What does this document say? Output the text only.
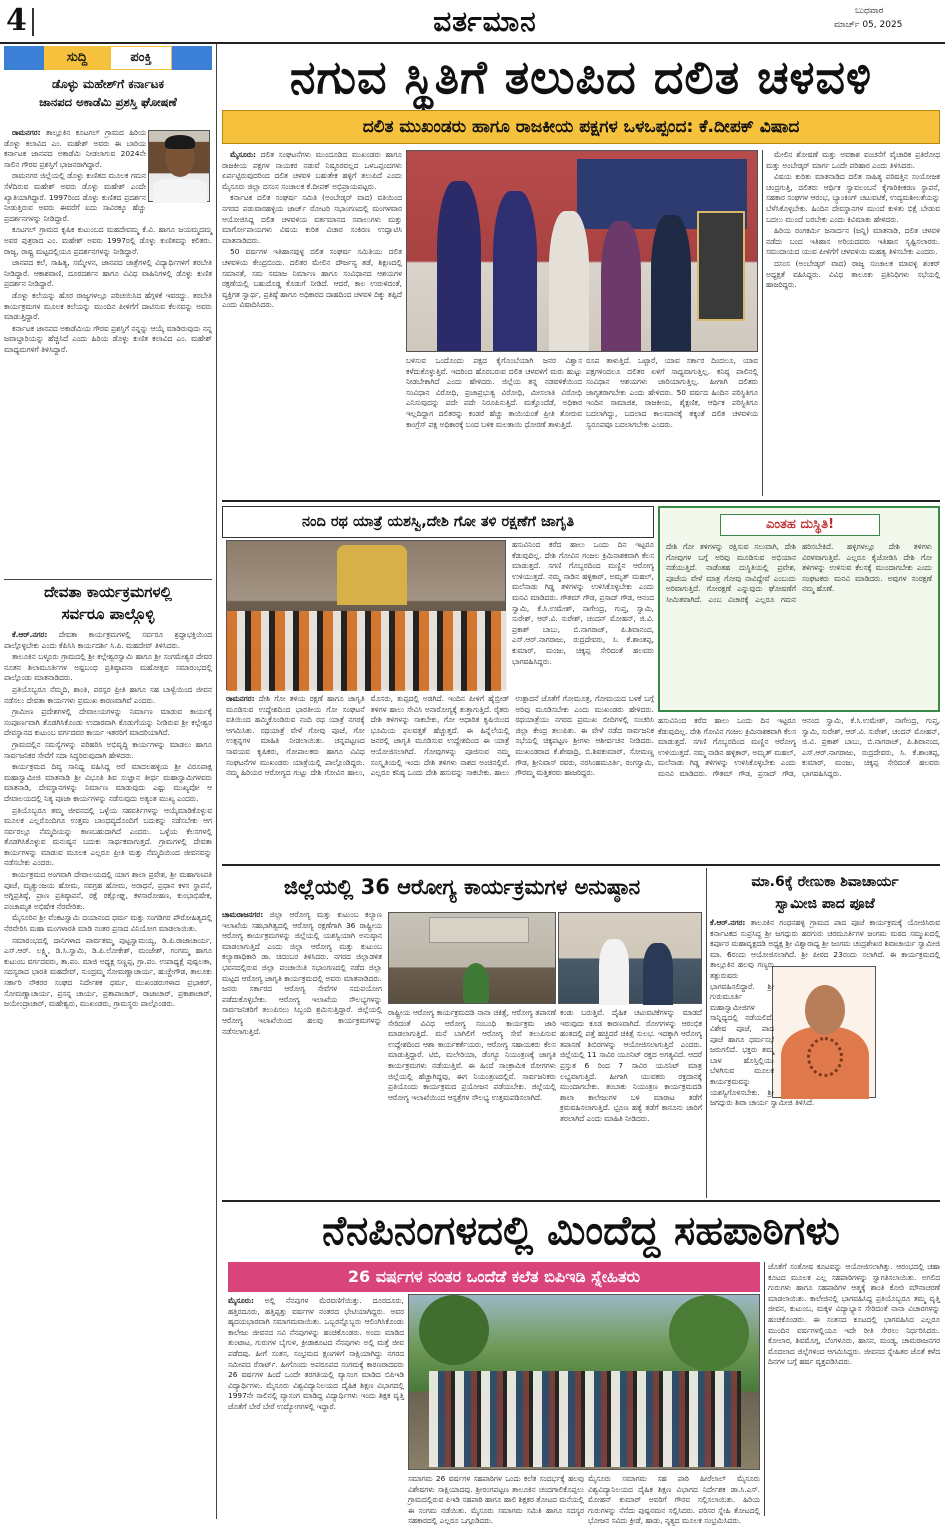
4	ವರ್ತಮಾನ	ಬುಧವಾರ
ಮಾರ್ಚ್ 05, 2025
ಸುದ್ದಿ	ಪಂಕ್ತಿ
ಡೊಳ್ಳು ಮಹೇಶ್‌ಗೆ ಕರ್ನಾಟಕ
ಜಾನಪದ ಅಕಾಡೆಮಿ ಪ್ರಶಸ್ತಿ ಘೋಷಣೆ

ರಾಮನಗರ: ತಾಲ್ಲೂಕಿನ ಕೂಟಗಲ್ ಗ್ರಾಮದ ಹಿರಿಯ ಡೊಳ್ಳು ಕಲಾವಿದ ಎಂ. ಮಹೇಶ್ ಅವರು ಈ ಬಾರಿಯ ಕರ್ನಾಟಕ ಜಾನಪದ ಅಕಾಡೆಮಿ ನೀಡಲಾಗುವ 2024ನೇ ಸಾಲಿನ ಗೌರವ ಪ್ರಶಸ್ತಿಗೆ ಭಾಜನರಾಗಿದ್ದಾರೆ.

ರಾಮನಗರ ಜಿಲ್ಲೆಯಲ್ಲಿ ಡೊಳ್ಳು ಕುಣಿತದ ಮೂಲಕ ಗಮನ ಸೆಳೆದಿರುವ ಮಹೇಶ್ ಅವರು ಡೊಳ್ಳು ಮಹೇಶ್ ಎಂದೇ ಖ್ಯಾತಿಯಾಗಿದ್ದಾರೆ. 1997ರಿಂದ ಡೊಳ್ಳು ಕುಣಿತದ ಪ್ರದರ್ಶನ ನೀಡುತ್ತಿರುವ ಅವರು ಈವರೆಗೆ ಐದು ಸಾವಿರಕ್ಕೂ ಹೆಚ್ಚು ಪ್ರದರ್ಶನಗಳನ್ನು ನೀಡಿದ್ದಾರೆ.

ಕೂಟಗಲ್ ಗ್ರಾಮದ ಕೃಷಿಕ ಕುಟುಂಬದ ಮಹದೇವಮ್ಮ ಕೆ.ವಿ. ಹಾಗೂ ಜಯಮ್ಮದಮ್ಮ ಅವರ ಪುತ್ರರಾದ ಎಂ. ಮಹೇಶ್ ಅವರು 1997ರಲ್ಲಿ ಡೊಳ್ಳು ಕುಣಿತವನ್ನು ಕಲಿತರು. ರಾಜ್ಯ, ರಾಷ್ಟ್ರ ಮಟ್ಟದಲ್ಲಿಯೂ ಪ್ರದರ್ಶನಗಳನ್ನು ನೀಡಿದ್ದಾರೆ.

ಜಾನಪದ ಕಲೆ, ಸಾಹಿತ್ಯ, ಸಮ್ಮೇಳನ, ಜಾನಪದ ಜಾತ್ರೆಗಳಲ್ಲಿ ವಿದ್ಯಾರ್ಥಿಗಳಿಗೆ ತರಬೇತಿ ನೀಡಿದ್ದಾರೆ. ಆಕಾಶವಾಣಿ, ದೂರದರ್ಶನ ಹಾಗೂ ವಿವಿಧ ವಾಹಿನಿಗಳಲ್ಲಿ ಡೊಳ್ಳು ಕುಣಿತ ಪ್ರದರ್ಶನ ನೀಡಿದ್ದಾರೆ.

ಡೊಳ್ಳು ಕಲೆಯನ್ನು ಹೊರ ರಾಜ್ಯಗಳಲ್ಲೂ ಪರಿಚಯಿಸಿದ ಹೆಗ್ಗಳಿಕೆ ಇವರದ್ದು. ತರಬೇತಿ ಕಾರ್ಯಕ್ರಮಗಳ ಮೂಲಕ ಕಲೆಯನ್ನು ಮುಂದಿನ ಪೀಳಿಗೆಗೆ ದಾಟಿಸುವ ಕೆಲಸವನ್ನು ಅವರು ಮಾಡುತ್ತಿದ್ದಾರೆ.

ಕರ್ನಾಟಕ ಜಾನಪದ ಅಕಾಡೆಮಿಯ ಗೌರವ ಪ್ರಶಸ್ತಿಗೆ ನನ್ನನ್ನು ಆಯ್ಕೆ ಮಾಡಿರುವುದು ನನ್ನ ಜವಾಬ್ದಾರಿಯನ್ನು ಹೆಚ್ಚಿಸಿದೆ ಎಂದು ಹಿರಿಯ ಡೊಳ್ಳು ಕುಣಿತ ಕಲಾವಿದ ಎಂ. ಮಹೇಶ್ ಮಾಧ್ಯಮಗಳಿಗೆ ತಿಳಿಸಿದ್ದಾರೆ.

ದೇವತಾ ಕಾರ್ಯಕ್ರಮಗಳಲ್ಲಿ
ಸರ್ವರೂ ಪಾಲ್ಗೊಳ್ಳಿ

ಕೆ.ಆರ್.ನಗರ: ದೇವತಾ ಕಾರ್ಯಕ್ರಮಗಳಲ್ಲಿ ಸರ್ವರೂ ಶ್ರದ್ಧಾಭಕ್ತಿಯಿಂದ ಪಾಲ್ಗೊಳ್ಳಬೇಕು ಎಂದು ಕೆಪಿಸಿಸಿ ಕಾರ್ಯದರ್ಶಿ ಸಿ.ಪಿ. ಮಹದೇವ್ ತಿಳಿಸಿದರು.

ತಾಲೂಕಿನ ಬಳ್ಳೂರು ಗ್ರಾಮದಲ್ಲಿ ಶ್ರೀ ಕಲ್ಲೇಶ್ವರಸ್ವಾಮಿ ಹಾಗೂ ಶ್ರೀ ಸಂಗಮೇಶ್ವರ ದೇವರ ನೂತನ ಶಿಲಾಮೂರ್ತಿಗಳ ಅಷ್ಟಬಂಧ ಪ್ರತಿಷ್ಠಾಪನಾ ಮಹೋತ್ಸವ ಸಮಾರಂಭದಲ್ಲಿ ಪಾಲ್ಗೊಂಡು ಮಾತನಾಡಿದರು.

ಪ್ರತಿಯೊಬ್ಬರೂ ನೆಮ್ಮದಿ, ಶಾಂತಿ, ಪರಸ್ಪರ ಪ್ರೀತಿ ಹಾಗೂ ಸಹ ಬಾಳ್ವೆಯಿಂದ ಜೀವನ ನಡೆಸಲು ದೇವತಾ ಕಾರ್ಯಗಳು ಪ್ರಮುಖ ಕಾರಣವಾಗಿವೆ ಎಂದರು.

ಗ್ರಾಮೀಣ ಪ್ರದೇಶಗಳಲ್ಲಿ ದೇವಾಲಯಗಳನ್ನು ನಿರ್ಮಾಣ ಮಾಡುವ ಕಾರ್ಯಕ್ಕೆ ಸಂಪೂರ್ಣವಾಗಿ ತೊಡಗಿಸಿಕೊಂಡು ಉದಾರವಾಗಿ ಕೊಡುಗೆಯನ್ನು ನೀಡಿರುವ ಶ್ರೀ ಕಲ್ಲೇಶ್ವರ ದೇವಸ್ಥಾನದ ಕುಟುಂಬ ವರ್ಗದವರ ಕಾರ್ಯ ಇತರರಿಗೆ ಮಾದರಿಯಾಗಿದೆ.

ಗ್ರಾಮದಲ್ಲಿನ ಸಮಸ್ಯೆಗಳನ್ನು ಪರಿಹರಿಸಿ ಅಭಿವೃದ್ಧಿ ಕಾರ್ಯಗಳನ್ನು ಮಾಡಲು ಹಾಗೂ ಸಾರ್ವಜನಿಕರ ಸೇವೆಗೆ ಸದಾ ಸಿದ್ಧರಿರುವುದಾಗಿ ಹೇಳಿದರು.

ಕಾರ್ಯಕ್ರಮದ ದಿವ್ಯ ಸಾನಿಧ್ಯ ವಹಿಸಿದ್ದ ಅರೆ ಮಾದಲಹಳ್ಳಿಯ ಶ್ರೀ ವಿರೂಪಾಕ್ಷ ಮಹಾಸ್ವಾಮೀಜಿ ಮಾತನಾಡಿ ಶ್ರೀ ವಿಭೂತಿ ಶಿವ ಸುಜ್ಞಾನ ತೀರ್ಥ ಮಹಾಸ್ವಾಮಿಗಳವರು ಮಾತನಾಡಿ, ದೇವಸ್ಥಾನಗಳನ್ನು ನಿರ್ಮಾಣ ಮಾಡುವುದು ಎಷ್ಟು ಮುಖ್ಯವೋ ಆ ದೇವಾಲಯದಲ್ಲಿ ನಿತ್ಯ ಪೂಜಾ ಕಾರ್ಯಗಳನ್ನು ನಡೆಸುವುದು ಅತ್ಯಂತ ಮುಖ್ಯ ಎಂದರು.

ಪ್ರತಿಯೊಬ್ಬರೂ ತಮ್ಮ ಜೀವನದಲ್ಲಿ ಒಳ್ಳೆಯ ಸಹವರ್ತಿಗಳನ್ನು ಆಯ್ಕೆಮಾಡಿಕೊಳ್ಳುವ ಮೂಲಕ ಎಲ್ಲರೊಂದಿಗೂ ಉತ್ತಮ ಬಾಂಧವ್ಯದೊಂದಿಗೆ ಬದುಕನ್ನು ನಡೆಸಬೇಕು ಆಗ ಸರ್ವರಲ್ಲೂ ನೆಮ್ಮದಿಯನ್ನು ಕಾಣಬಹುದಾಗಿದೆ ಎಂದರು. ಒಳ್ಳೆಯ ಕೆಲಸಗಳಲ್ಲಿ ತೊಡಗಿಸಿಕೊಳ್ಳುವ ಮನುಷ್ಯನ ಬದುಕು ಸಾರ್ಥಕವಾಗುತ್ತದೆ. ಗ್ರಾಮಗಳಲ್ಲಿ ದೇವತಾ ಕಾರ್ಯಗಳನ್ನು ಮಾಡುವ ಮೂಲಕ ಎಲ್ಲರೂ ಪ್ರೀತಿ ಮತ್ತು ನೆಮ್ಮದಿಯಿಂದ ಜೀವನವನ್ನು ನಡೆಸಬೇಕು ಎಂದರು.

ಕಾರ್ಯಕ್ರಮದ ಅಂಗವಾಗಿ ದೇವಾಲಯದಲ್ಲಿ ಯಾಗ ಶಾಲಾ ಪ್ರವೇಶ, ಶ್ರೀ ಮಹಾಗಣಪತಿ ಪೂಜೆ, ಮೃತ್ಯುಂಜಯ ಹೋಮ, ನವಗ್ರಹ ಹೋಮ, ಅರಾಧನೆ, ಪ್ರಧಾನ ಕಳಸ ಸ್ಥಾಪನೆ, ಅಗ್ನಿಪ್ರತಿಷ್ಠೆ, ಪ್ರಾಣ ಪ್ರತಿಷ್ಠಾಪನೆ, ರಕ್ಷೆ ರಕ್ಷೋಘ್ನ, ಕಳಸಾರೋಹಣ, ಕುಂಭಾಭಿಷೇಕ, ಪಂಚಾಮೃತ ಅಭಿಷೇಕ ನೆರವೇರಿತು.

ಮೈಸೂರಿನ ಶ್ರೀ ವೆಂಕಟಸ್ವಾಮಿ ದಯಾನಂದ ಧರ್ಮ ಮತ್ತು ಸಂಗಡಿಗರ ಪೌರೋಹಿತ್ಯದಲ್ಲಿ ನೆರವೇರಿಸಿ ಮಹಾ ಮಂಗಳಾರತಿ ಮಾಡಿ ನಂತರ ಪ್ರಸಾದ ವಿನಿಯೋಗ ಮಾಡಲಾಯಿತು.

ಸಮಾರಂಭದಲ್ಲಿ ದಾನಿಗಳಾದ ಪಾರ್ವತಮ್ಮ ಪುಟ್ಟಸ್ವಾಮಯ್ಯ, ಡಿ.ಪಿ.ರಾಜಾಚಾರ್ಯ, ಎಸ್.ಆರ್. ಲಕ್ಷ್ಮಿ, ಡಿ.ಸಿ.ಸ್ವಾಮಿ, ಡಿ.ಪಿ.ಲೋಕೇಶ್, ಮಂಜೇಶ್, ಗಂಗಮ್ಮ ಹಾಗೂ ಕುಟುಂಬ ವರ್ಗದವರು, ತಾ.ಪಂ. ಮಾಜಿ ಅಧ್ಯಕ್ಷ ಸಣ್ಣಪ್ಪ, ಗ್ರಾ.ಪಂ. ಉಪಾಧ್ಯಕ್ಷೆ ಪುಷ್ಪಲತಾ, ಸದಸ್ಯರಾದ ಭಾರತಿ ಮಹದೇವ್, ಸುಂದ್ರಮ್ಮ ಸೋಮಣ್ಣಾಚಾರ್ಯ, ಹುಚ್ಚೇಗೌಡ, ತಾಲೂಕು ಸರ್ಕಾರಿ ನೌಕರರ ಸಂಘದ ನಿರ್ದೇಶಕ ಧರ್ಮ, ಮುಖಂಡರುಗಳಾದ ಪ್ರಭಾಕರ್, ಸೋಮಣ್ಣಾಚಾರ್ಯ, ಪ್ರಸನ್ನ ಚಾರ್ಯ, ಪ್ರತಾಪಾಚಾರ್, ರಾಜಾಚಾರ್, ಪ್ರಕಾಶಾಚಾರ್, ಜಯೇಂದ್ರಾಚಾರ್, ಮಹೇಶ್ವರು, ಮುಖಂಡರು, ಗ್ರಾಮಸ್ಥರು ಪಾಲ್ಗೊಂಡರು.

ನಗುವ ಸ್ಥಿತಿಗೆ ತಲುಪಿದ ದಲಿತ ಚಳವಳಿ
ದಲಿತ ಮುಖಂಡರು ಹಾಗೂ ರಾಜಕೀಯ ಪಕ್ಷಗಳ ಒಳಒಪ್ಪಂದ: ಕೆ.ದೀಪಕ್ ವಿಷಾದ

ಮೈಸೂರು: ದಲಿತ ಸಂಘಟನೆಗಳು ಮುಂದೂಡಿದ ಮುಖಂಡರು ಹಾಗೂ ರಾಜಕೀಯ ಪಕ್ಷಗಳ ನಾಯಕರ ನಡುವೆ ನಿಷ್ಠೂರವಲ್ಲದ ಒಳಒಪ್ಪಂದಗಳು ಏರ್ಪಟ್ಟಿರುವುದರಿಂದ ದಲಿತ ಚಳವಳಿ ಬಹುತೇಕ ಹಳ್ಳಿಗೆ ತಲುಪಿದೆ ಎಂದು ಮೈಸೂರು ಜಿಲ್ಲಾ ದಸಂಸ ಸಂಚಾಲಕ ಕೆ.ದೀಪಕ್ ಅಭಿಪ್ರಾಯಪಟ್ಟರು.

ಕರ್ನಾಟಕ ದಲಿತ ಸಂಘರ್ಷ ಸಮಿತಿ (ಅಂಬೇಡ್ಕರ್ ವಾದ) ವತಿಯಿಂದ ನಗರದ ಪಡುವಾರಹಳ್ಳಿಯ ಜಾರ್ಜ್ ರೋಟರಿ ಸಭಾಂಗಣದಲ್ಲಿ ಮಂಗಳವಾರ ಆಯೋಜಿಸಿದ್ದ ದಲಿತ ಚಳವಳಿಯ ವರ್ತಮಾನದ ಸವಾಲುಗಳು ಮತ್ತು ಮಾರ್ಗೋಪಾಯಗಳು ವಿಷಯ ಕುರಿತ ವಿಚಾರ ಸಂಕಿರಣ ಉದ್ಘಾಟಿಸಿ ಮಾತನಾಡಿದರು.

50 ವರ್ಷಗಳ ಇತಿಹಾಸವುಳ್ಳ ದಲಿತ ಸಂಘರ್ಷ ಸಮಿತಿಯು ದಲಿತ ಚಳವಳಿಯ ಕೇಂದ್ರಬಿಂದು. ದಲಿತರ ಮೇಲಿನ ದೌರ್ಜನ್ಯ ತಡೆ, ಶಿಕ್ಷಣದಲ್ಲಿ ಸಮಾನತೆ, ಸಮ ಸಮಾಜ ನಿರ್ಮಾಣ ಹಾಗೂ ಸಂವಿಧಾನದ ಆಶಯಗಳ ರಕ್ಷಣೆಯಲ್ಲಿ ಬಹುದೊಡ್ಡ ಕೊಡುಗೆ ನೀಡಿದೆ. ಆದರೆ, ಕಾಲ ಉರುಳಿದಂತೆ, ವ್ಯಕ್ತಿಗತ ಸ್ವಾರ್ಥ, ಪ್ರತಿಷ್ಠೆ ಹಾಗೂ ಅಧಿಕಾರದ ದಾಹದಿಂದ ಚಳವಳಿ ದಿಕ್ಕು ತಪ್ಪಿದೆ ಎಂದು ವಿಷಾದಿಸಿದರು.

ಬಳಿಸುವ ಒಂದೊಂದು ಪಕ್ಷದ ಕೈಗೊಂಬೆಯಾಗಿ ಜನರ ವಿಶ್ವಾಸ ಕಳೆದುಕೊಳ್ಳುತ್ತಿವೆ. ಇದರಿಂದ ಹೊರಬರುವ ದಲಿತ ಚಳವಳಿಗೆ ಮರು ಹುಟ್ಟು ನೀಡಬೇಕಾಗಿದೆ ಎಂದು ಹೇಳಿದರು. ಜಿಲ್ಲೆಯ ತನ್ನ ನಡವಳಿಕೆಯಿಂದ ಸಂವಿಧಾನ ವಿರೋಧಿ, ಪ್ರಜಾಪ್ರಭುತ್ವ ವಿರೋಧಿ, ಮೀಸಲಾತಿ ವಿರೋಧಿ ಎನಿಸುವುದನ್ನು ಪದೇ ಪದೇ ನಿರೂಪಿಸುತ್ತಿದೆ. ಮತ್ತೊಂದೆಡೆ, ಅಧಿಕಾರ ಇಲ್ಲದಿದ್ದಾಗ ದಲಿತರನ್ನು ಕಂಡರೆ ಹೆಚ್ಚು ತಾಯಿಯಂತೆ ಪ್ರೀತಿ ತೋರುವ ಕಾಂಗ್ರೆಸ್ ಪಕ್ಷ ಅಧಿಕಾರಕ್ಕೆ ಬಂದ ಬಳಿಕ ಮಲತಾಯಿ ಧೋರಣೆ ತಾಳುತ್ತಿದೆ.
ರೂಪ ತಾಳುತ್ತಿದೆ. ಒಟ್ಟಾರೆ, ಯಾವ ಸರ್ಕಾರ ದಿಂದಲೂ, ಯಾವ ಪಕ್ಷಗಳಿಂದಲೂ ದಲಿತರ ಏಳಿಗೆ ಸಾಧ್ಯವಾಗುತ್ತಿಲ್ಲ. ಕನಿಷ್ಠ ಪಾಲಿನಲ್ಲಿ ಸಂವಿಧಾನ ಆಶಯಗಳು ಜಾರಿಯಾಗುತ್ತಿಲ್ಲ. ಹೀಗಾಗಿ ದಲಿತರು ಜಾಗೃತರಾಗಬೇಕು ಎಂದು ಹೇಳಿದರು. 50 ವರ್ಷದ ಹಿಂದಿನ ಪರಿಸ್ಥಿತಿಗೂ ಇಂದಿನ ಸಾಮಾಜಿಕ, ರಾಜಕೀಯ, ಶೈಕ್ಷಣಿಕ, ಆರ್ಥಿಕ ಪರಿಸ್ಥಿತಿಗೂ ಬದಲಾಗಿದ್ದು, ಬದಲಾದ ಕಾಲಮಾನಕ್ಕೆ ತಕ್ಕಂತೆ ದಲಿತ ಚಳವಳಿಯ ಸ್ವರೂಪವೂ ಬದಲಾಗಬೇಕು ಎಂದರು.

ಮೇಲಿನ ಶೋಷಣೆ ಮತ್ತು ಅವಕಾಶ ವಂಚನೆಗೆ ವೈಚಾರಿಕ ಪ್ರತಿರೋಧ ಮತ್ತು ಅಂಬೇಡ್ಕರ್ ಮಾರ್ಗ ಒಂದೇ ಪರಿಹಾರ ಎಂದು ತಿಳಿಸಿದರು.

ವಿಷಯ ಕುರಿತು ಮಾತನಾಡಿದ ದಲಿತ ಸಾಹಿತ್ಯ ಪರಿಷತ್ತಿನ ಸಂಯೋಜಕ ಚಂದ್ರಗುತ್ತಿ, ದಲಿತರು ಆರ್ಥಿಕ ಸ್ವಾವಲಂಬನೆ ಕೈಗಾರಿಕೀಕರಣ ಸ್ಥಾಪನೆ, ಸಹಕಾರ ಸಂಘಗಳ ಆರಂಭ, ಬ್ಯಾಂಕಿಂಗ್ ಚಟುವಟಿಕೆ, ಉದ್ಯಮಶೀಲತೆಯನ್ನು ಬೆಳೆಸಿಕೊಳ್ಳಬೇಕು. ಹಿಂದಿನ ದೇವಸ್ಥಾನಗಳ ಮುಂದೆ ಕುಳಿತು ಭಿಕ್ಷೆ ಬೇಡುವ ಬದಲು ಮುಂದೆ ಬರಬೇಕು ಎಂದು ಕಿವಿಮಾತು ಹೇಳಿದರು.

ಹಿರಿಯ ರಂಗಕರ್ಮಿ ಜನಾರ್ದನ (ಜನ್ನಿ) ಮಾತನಾಡಿ, ದಲಿತ ಚಳವಳಿ ನಡೆದು ಬಂದ ಇತಿಹಾಸ ಅರಿಯದವರು ಇತಿಹಾಸ ಸೃಷ್ಟಿಸಲಾರರು. ಸಮುದಾಯದ ಯುವ ಪೀಳಿಗೆಗೆ ಚಳವಳಿಯ ಮಹತ್ವ ತಿಳಿಸಬೇಕು ಎಂದರು.

ದಸಂಸ (ಅಂಬೇಡ್ಕರ್ ವಾದ) ರಾಜ್ಯ ಸಂಚಾಲಕ ಮಾವಳ್ಳಿ ಶಂಕರ್ ಅಧ್ಯಕ್ಷತೆ ವಹಿಸಿದ್ದರು. ವಿವಿಧ ತಾಲೂಕು ಪ್ರತಿನಿಧಿಗಳು ಸಭೆಯಲ್ಲಿ ಹಾಜರಿದ್ದರು.

ನಂದಿ ರಥ ಯಾತ್ರೆ ಯಶಸ್ವಿ,ದೇಶಿ ಗೋ ತಳಿ ರಕ್ಷಣೆಗೆ ಜಾಗೃತಿ
ರಾಮನಗರ: ದೇಶಿ ಗೋ ತಳಿಯ ರಕ್ಷಣೆ ಹಾಗೂ ಜಾಗೃತಿ ಮೂಡಿಸುವ ಉದ್ದೇಶದಿಂದ ಭಾರತೀಯ ಗೋ ಸಂಘಟನೆ ವತಿಯಿಂದ ಹಮ್ಮಿಕೊಂಡಿರುವ ನಂದಿ ರಥ ಯಾತ್ರೆ ನಗರಕ್ಕೆ ಆಗಮಿಸಿತು. ರಥಯಾತ್ರೆ ವೇಳೆ ಗೋವು ಪೂಜೆ, ಗೋ ಉತ್ಪನ್ನಗಳ ಮಾಹಿತಿ ನೀಡಲಾಯಿತು. ಚನ್ನಪಟ್ಟಣದ ಸಾವಯವ ಕೃಷಿಕರು, ಗೋಪಾಲಕರು ಹಾಗೂ ವಿವಿಧ ಸಂಘಟನೆಗಳ ಮುಖಂಡರು ಯಾತ್ರೆಯಲ್ಲಿ ಪಾಲ್ಗೊಂಡಿದ್ದರು. ನಮ್ಮ ಹಿರಿಯರ ಆರೋಗ್ಯದ ಗುಟ್ಟು ದೇಶಿ ಗೋವಿನ ಹಾಲು, ಮೊಸರು, ತುಪ್ಪದಲ್ಲಿ ಅಡಗಿದೆ. ಇಂದಿನ ಪೀಳಿಗೆ ಹೈಬ್ರೀಡ್ ತಳಿಗಳ ಹಾಲು ಸೇವಿಸಿ ಅನಾರೋಗ್ಯಕ್ಕೆ ತುತ್ತಾಗುತ್ತಿದೆ. ರೈತರು ದೇಶಿ ತಳಿಗಳನ್ನು ಸಾಕಬೇಕು, ಗೋ ಆಧಾರಿತ ಕೃಷಿಯಿಂದ ಭೂಮಿಯ ಫಲವತ್ತತೆ ಹೆಚ್ಚುತ್ತದೆ. ಈ ಹಿನ್ನೆಲೆಯಲ್ಲಿ ಜನರಲ್ಲಿ ಜಾಗೃತಿ ಮೂಡಿಸುವ ಉದ್ದೇಶದಿಂದ ಈ ಯಾತ್ರೆ ಆಯೋಜಿಸಲಾಗಿದೆ. ಗೋವುಗಳನ್ನು ಪೂಜಿಸುವ ನಮ್ಮ ಸಂಸ್ಕೃತಿಯಲ್ಲಿ ಇಂದು ದೇಶಿ ತಳಿಗಳು ನಾಶದ ಅಂಚಿನಲ್ಲಿವೆ. ಎಲ್ಲರೂ ಕನಿಷ್ಠ ಒಂದು ದೇಶಿ ಹಸುವನ್ನು ಸಾಕಬೇಕು. ಹಾಲು ಉತ್ಪಾದನೆ ಜೊತೆಗೆ ಗೋಮೂತ್ರ, ಗೋಮಯದ ಬಳಕೆ ಬಗ್ಗೆ ಅರಿವು ಮೂಡಿಸಬೇಕು ಎಂದು ಮುಖಂಡರು ಹೇಳಿದರು. ರಥಯಾತ್ರೆಯು ನಗರದ ಪ್ರಮುಖ ಬೀದಿಗಳಲ್ಲಿ ಸಂಚರಿಸಿ ಜಿಲ್ಲಾ ಕೇಂದ್ರ ತಲುಪಿತು. ಈ ವೇಳೆ ನಡೆದ ಸಾರ್ವಜನಿಕ ಸಭೆಯಲ್ಲಿ ಚಿಕ್ಕಪಟ್ಟಣ ಶ್ರೀಗಳು ಆಶೀರ್ವಚನ ನೀಡಿದರು. ಮುಖಂಡರಾದ ಕೆ.ಶೇಷಾದ್ರಿ, ಬಿ.ಶಿವಕುಮಾರ್, ಸೋಮಣ್ಣ ಗೌಡ, ಶ್ರೀನಿವಾಸ್ ರವರು, ನರಸಿಂಹಮೂರ್ತಿ, ರಂಗಸ್ವಾಮಿ, ಗೌರಮ್ಮ ಮತ್ತಿತರರು ಹಾಜರಿದ್ದರು.
ಹಸುವಿನಿಂದ ಕರೆದ ಹಾಲು ಒಂದು ದಿನ ಇಟ್ಟರೂ ಕೆಡುವುದಿಲ್ಲ. ದೇಶಿ ಗೋವಿನ ಗಂಜಲ ಕ್ರಿಮಿನಾಶಕವಾಗಿ ಕೆಲಸ ಮಾಡುತ್ತದೆ. ಸಗಣಿ ಗೊಬ್ಬರದಿಂದ ಮಣ್ಣಿನ ಆರೋಗ್ಯ ಉಳಿಯುತ್ತದೆ. ನಮ್ಮ ನಾಡಿನ ಹಳ್ಳಿಕಾರ್, ಅಮೃತ್ ಮಹಲ್, ಮಲೆನಾಡು ಗಿಡ್ಡ ತಳಿಗಳನ್ನು ಉಳಿಸಿಕೊಳ್ಳಬೇಕು ಎಂದು ಮನವಿ ಮಾಡಿದರು. ಗೌತಮ್ ಗೌಡ, ಪ್ರಸಾದ್ ಗೌಡ, ಆನಂದ ಸ್ವಾಮಿ, ಕೆ.ಸಿ.ಉಮೇಶ್, ನಾಗೇಂದ್ರ, ಗುಪ್ತ, ಸ್ವಾಮಿ, ಸುರೇಶ್, ಆರ್.ವಿ. ಸುರೇಶ್, ಚಂದನ್ ಮೋಹನ್, ಜಿ.ವಿ. ಪ್ರಕಾಶ್ ಬಾಬು, ಬಿ.ನಾಗರಾಜ್, ಪಿ.ಶಿವಾನಂದ, ಎಸ್.ಆರ್.ನಾಗರಾಜು, ರುದ್ರದೇವರು, ಸಿ. ಕೆ.ಶಾಂತಪ್ಪ, ಕುಮಾರ್, ಮಂಜು, ಚಿಕ್ಕಪ್ಪ ಸೇರಿದಂತೆ ಹಲವರು ಭಾಗವಹಿಸಿದ್ದರು.
ಎಂತಹ ದುಸ್ಥಿತಿ!
ದೇಶಿ ಗೋ ತಳಿಗಳನ್ನು ರಕ್ಷಿಸುವ ಸಲುವಾಗಿ, ದೇಶಿ ಗೋವುಗಳ ಬಗ್ಗೆ ಅರಿವು ಮೂಡಿಸುವ ಅಭಿಯಾನ ನಡೆಯುತ್ತಿದೆ. ನಾಡೆಂತಹ ದುಸ್ಥಿತಿಯಲ್ಲಿ ಪ್ರವೇಶ, ಪೂಜೆಯ ವೇಳೆ ಮಾತ್ರ ಗೋವು ನಾವಿದ್ದೇವೆ ಎಂಬುದು ಅರಿವಾಗುತ್ತಿದೆ. ಗೋರಕ್ಷಣೆ ಎನ್ನುವುದು ಘೋಷಣೆಗೆ ಸೀಮಿತವಾಗಿದೆ. ಎಂಬ ವಿಚಾರಕ್ಕೆ ಎಲ್ಲರೂ ಗಮನ ಹರಿಸಬೇಕಿದೆ. ಹಳ್ಳಿಗಳಲ್ಲೂ ದೇಶಿ ತಳಿಗಳು ವಿರಳವಾಗುತ್ತಿವೆ. ಎಲ್ಲರೂ ಕೈಜೋಡಿಸಿ ದೇಶಿ ಗೋ ತಳಿಗಳನ್ನು ಉಳಿಸುವ ಕೆಲಸಕ್ಕೆ ಮುಂದಾಗಬೇಕು ಎಂದು ಸಂಘಟಕರು ಮನವಿ ಮಾಡಿದರು. ಅವುಗಳ ಸಂರಕ್ಷಣೆ ನಮ್ಮ ಹೊಣೆ.
ಹಸುವಿನಿಂದ ಕರೆದ ಹಾಲು ಒಂದು ದಿನ ಇಟ್ಟರೂ ಕೆಡುವುದಿಲ್ಲ. ದೇಶಿ ಗೋವಿನ ಗಂಜಲ ಕ್ರಿಮಿನಾಶಕವಾಗಿ ಕೆಲಸ ಮಾಡುತ್ತದೆ. ಸಗಣಿ ಗೊಬ್ಬರದಿಂದ ಮಣ್ಣಿನ ಆರೋಗ್ಯ ಉಳಿಯುತ್ತದೆ. ನಮ್ಮ ನಾಡಿನ ಹಳ್ಳಿಕಾರ್, ಅಮೃತ್ ಮಹಲ್, ಮಲೆನಾಡು ಗಿಡ್ಡ ತಳಿಗಳನ್ನು ಉಳಿಸಿಕೊಳ್ಳಬೇಕು ಎಂದು ಮನವಿ ಮಾಡಿದರು. ಗೌತಮ್ ಗೌಡ, ಪ್ರಸಾದ್ ಗೌಡ, ಆನಂದ ಸ್ವಾಮಿ, ಕೆ.ಸಿ.ಉಮೇಶ್, ನಾಗೇಂದ್ರ, ಗುಪ್ತ, ಸ್ವಾಮಿ, ಸುರೇಶ್, ಆರ್.ವಿ. ಸುರೇಶ್, ಚಂದನ್ ಮೋಹನ್, ಜಿ.ವಿ. ಪ್ರಕಾಶ್ ಬಾಬು, ಬಿ.ನಾಗರಾಜ್, ಪಿ.ಶಿವಾನಂದ, ಎಸ್.ಆರ್.ನಾಗರಾಜು, ರುದ್ರದೇವರು, ಸಿ. ಕೆ.ಶಾಂತಪ್ಪ, ಕುಮಾರ್, ಮಂಜು, ಚಿಕ್ಕಪ್ಪ ಸೇರಿದಂತೆ ಹಲವರು ಭಾಗವಹಿಸಿದ್ದರು.
ಜಿಲ್ಲೆಯಲ್ಲಿ 36 ಆರೋಗ್ಯ ಕಾರ್ಯಕ್ರಮಗಳ ಅನುಷ್ಠಾನ
ಚಾಮರಾಜನಗರ: ಜಿಲ್ಲಾ ಆರೋಗ್ಯ ಮತ್ತು ಕುಟುಂಬ ಕಲ್ಯಾಣ ಇಲಾಖೆಯ ಸಹಭಾಗಿತ್ವದಲ್ಲಿ ಆರೋಗ್ಯ ರಕ್ಷಣೆಗಾಗಿ 36 ರಾಷ್ಟ್ರೀಯ ಆರೋಗ್ಯ ಕಾರ್ಯಕ್ರಮಗಳನ್ನು ಜಿಲ್ಲೆಯಲ್ಲಿ ಯಶಸ್ವಿಯಾಗಿ ಅನುಷ್ಠಾನ ಮಾಡಲಾಗುತ್ತಿದೆ ಎಂದು ಜಿಲ್ಲಾ ಆರೋಗ್ಯ ಮತ್ತು ಕುಟುಂಬ ಕಲ್ಯಾಣಾಧಿಕಾರಿ ಡಾ. ಚಿದಂಬರ ತಿಳಿಸಿದರು. ನಗರದ ಜಿಲ್ಲಾಡಳಿತ ಭವನದಲ್ಲಿರುವ ಜಿಲ್ಲಾ ಪಂಚಾಯಿತಿ ಸಭಾಂಗಣದಲ್ಲಿ ನಡೆದ ಜಿಲ್ಲಾ ಮಟ್ಟದ ಆರೋಗ್ಯ ಜಾಗೃತಿ ಕಾರ್ಯಕ್ರಮದಲ್ಲಿ ಅವರು ಮಾತನಾಡಿದರು. ಜನರು ಸರ್ಕಾರದ ಆರೋಗ್ಯ ಸೇವೆಗಳ ಸದುಪಯೋಗ ಪಡೆದುಕೊಳ್ಳಬೇಕು. ಆರೋಗ್ಯ ಇಲಾಖೆಯ ಸೌಲಭ್ಯಗಳನ್ನು ಸಾರ್ವಜನಿಕರಿಗೆ ತಲುಪಿಸಲು ಸಿಬ್ಬಂದಿ ಶ್ರಮಿಸುತ್ತಿದ್ದಾರೆ. ಜಿಲ್ಲೆಯಲ್ಲಿ ಆರೋಗ್ಯ ಇಲಾಖೆಯಿಂದ ಹಲವು ಕಾರ್ಯಕ್ರಮಗಳನ್ನು ನಡೆಸಲಾಗುತ್ತಿದೆ.
ರಾಷ್ಟ್ರೀಯ ಆರೋಗ್ಯ ಕಾರ್ಯಕ್ರಮದಡಿ ನಾನಾ ಚಿಕಿತ್ಸೆ, ಆರೋಗ್ಯ ತಪಾಸಣೆ ಸೇರಿದಂತೆ ವಿವಿಧ ಆರೋಗ್ಯ ಸಂಬಂಧಿ ಕಾರ್ಯಕ್ರಮ ಜಾರಿ ಮಾಡಲಾಗುತ್ತಿದೆ. ಮನೆ ಬಾಗಿಲಿಗೆ ಆರೋಗ್ಯ ಸೇವೆ ತಲುಪಿಸುವ ಉದ್ದೇಶದಿಂದ ಆಶಾ ಕಾರ್ಯಕರ್ತೆಯರು, ಆರೋಗ್ಯ ಸಹಾಯಕರು ಕೆಲಸ ಮಾಡುತ್ತಿದ್ದಾರೆ. ಟಿಬಿ, ಮಲೇರಿಯಾ, ಡೆಂಗ್ಯೂ ನಿಯಂತ್ರಣಕ್ಕೆ ಜಾಗೃತಿ ಕಾರ್ಯಕ್ರಮಗಳು ನಡೆಯುತ್ತಿವೆ. ಈ ಹಿಂದೆ ಸಾಂಕ್ರಾಮಿಕ ರೋಗಗಳು ಜಿಲ್ಲೆಯಲ್ಲಿ ಹೆಚ್ಚಾಗಿದ್ದವು, ಈಗ ನಿಯಂತ್ರಣದಲ್ಲಿವೆ. ಸಾರ್ವಜನಿಕರು ಪ್ರತಿಯೊಂದು ಕಾರ್ಯಕ್ರಮದ ಪ್ರಯೋಜನ ಪಡೆಯಬೇಕು. ಜಿಲ್ಲೆಯಲ್ಲಿ ಆರೋಗ್ಯ ಇಲಾಖೆಯಿಂದ ಆಸ್ಪತ್ರೆಗಳ ಸೌಲಭ್ಯ ಉತ್ತಮಪಡಿಸಲಾಗಿದೆ.
ಕಂಡು ಬರುತ್ತಿವೆ. ದೈಹಿಕ ಚಟುವಟಿಕೆಗಳನ್ನು ಮಾಡದೆ ಇರುವುದು ಕೂಡ ಕಾರಣವಾಗಿದೆ. ರೋಗಗಳನ್ನು ಆರಂಭಿಕ ಹಂತದಲ್ಲಿ ಪತ್ತೆ ಹಚ್ಚಿದರೆ ಚಿಕಿತ್ಸೆ ಸುಲಭ. ಇದಕ್ಕಾಗಿ ಆರೋಗ್ಯ ತಪಾಸಣೆ ಶಿಬಿರಗಳನ್ನು ಆಯೋಜಿಸಲಾಗುತ್ತಿದೆ ಎಂದರು. ಜಿಲ್ಲೆಯಲ್ಲಿ 11 ಸಾವಿರ ಯೂನಿಟ್ ರಕ್ತದ ಅಗತ್ಯವಿದೆ. ಆದರೆ ಪ್ರಸ್ತುತ 6 ರಿಂದ 7 ಸಾವಿರ ಯೂನಿಟ್ ಮಾತ್ರ ಲಭ್ಯವಾಗುತ್ತಿದೆ. ಹೀಗಾಗಿ ಯುವಕರು ರಕ್ತದಾನಕ್ಕೆ ಮುಂದಾಗಬೇಕು. ತಂಬಾಕು ನಿಯಂತ್ರಣ ಕಾರ್ಯಕ್ರಮದಡಿ ಶಾಲಾ ಕಾಲೇಜುಗಳ ಬಳಿ ಮಾರಾಟ ತಡೆಗೆ ಕ್ರಮವಹಿಸಲಾಗುತ್ತಿದೆ. ಭ್ರೂಣ ಹತ್ಯೆ ತಡೆಗೆ ಕಾನೂನು ಜಾರಿಗೆ ತರಲಾಗಿದೆ ಎಂದು ಮಾಹಿತಿ ನೀಡಿದರು.
ಮಾ.6ಕ್ಕೆ ರೇಣುಕಾ ಶಿವಾಚಾರ್ಯ
ಸ್ವಾಮೀಜಿ ಪಾದ ಪೂಜೆ
ಕೆ.ಆರ್.ನಗರ: ತಾಲೂಕಿನ ಗಂಧನಹಳ್ಳಿ ಗ್ರಾಮದ ಪಾದ ಪೂಜೆ ಕಾರ್ಯಕ್ರಮಕ್ಕೆ ಯೋಜಿಸಿರುವ ಕರ್ನಾಟಕದ ಸುಪ್ರಸಿದ್ಧ ಶ್ರೀ ಜಗದ್ಗುರು ಹರಗುರು ಚರಮೂರ್ತಿಗಳ ಜಂಗಮ ಮಠದ ಸಮ್ಮುಖದಲ್ಲಿ ಕರ್ಪೂರ ಮಹಾವೃಕ್ಷದಡಿ ಅಧ್ಯಕ್ಷ ಶ್ರೀ ವಿಶ್ವಾರಾಧ್ಯ ಶ್ರೀ ಜಂಗಮ ಚಂದ್ರಶೇಖರ ಶಿವಾಚಾರ್ಯ ಸ್ವಾಮೀಜಿ ಮಾ. 6ರಂದು ಆಯೋಜಿಸಲಾಗಿದೆ. ಶ್ರೀ ಪೀಠದ 23ರಂದು ಸಲಾಗಿದೆ. ಈ ಕಾರ್ಯಕ್ರಮದಲ್ಲಿ ತಾಲ್ಲೂಕಿನ ಹಲವು ಗಣ್ಯರು ತತ್ಪುರುಷರು ಭಾಗವಹಿಸಲಿದ್ದಾರೆ. ಶ್ರೀ ಗುರುಮೂರ್ತಿ ಮಹಾಸ್ವಾಮೀಜಿಗಳ ಸಾನ್ನಿಧ್ಯದಲ್ಲಿ ನಡೆಯಲಿದೆ. ವಿಶೇಷ ಪೂಜೆ, ಪಾದ ಪೂಜೆ ಹಾಗೂ ಧರ್ಮಸಭೆ ಜರುಗಲಿದೆ. ಭಕ್ತರು ತಮ್ಮ ಬಾಳ ಹೊಸ್ತಿಲ್ಲಿಯು ಬೆಳಗಿಸುವ ಮೂಲಕ ಕಾರ್ಯಕ್ರಮವನ್ನು ಯಶಸ್ವಿಗೊಳಿಸಬೇಕು. ಶ್ರೀ ಜಗದ್ಗುರು ಶಿವಾ ಚಾರ್ಯ ಸ್ವಾಮೀಜಿ ತಿಳಿಸಿದೆ.
ನೆನಪಿನಂಗಳದಲ್ಲಿ ಮಿಂದೆದ್ದ ಸಹಪಾಠಿಗಳು
26 ವರ್ಷಗಳ ನಂತರ ಒಂದೆಡೆ ಕಲೆತ ಬಿಪಿಇಡಿ ಸ್ನೇಹಿತರು
ಮೈಸೂರು: ಅಲ್ಲಿ ನೆನಪುಗಳ ಮೆರವಣಿಗೆಯಿತ್ತು. ದೂರದೂರು, ಹತ್ತಿರದೂರು, ಹತ್ತಿಪ್ಪತ್ತು ವರ್ಷಗಳ ನಂತರದ ಭೇಟಿಯಾಗಿದ್ದರು. ಅವರ ಹೃದಯಭಾರವಾಗಿ ಸಮಾಗಮವಾಯಿತು. ಒಬ್ಬರನ್ನೊಬ್ಬರು ಆಲಿಂಗಿಸಿಕೊಂಡು ಕಾಲೇಜು ಜೀವನದ ಸವಿ ನೆನಪುಗಳನ್ನು ಹಂಚಿಕೊಂಡರು. ಅಂದು ಮಾಡಿದ ತುಂಟಾಟ, ಗುರುಗಳ ಬೈಗುಳ, ಕ್ರೀಡಾಕೂಟದ ನೆನಪುಗಳು ಅಲ್ಲಿ ಮತ್ತೆ ಜೀವ ಪಡೆದವು. ಹೀಗೆ ಸಂತಸ, ಸಂಭ್ರಮದ ಕ್ಷಣಗಳಿಗೆ ಸಾಕ್ಷಿಯಾಗಿದ್ದು ನಗರದ ಸಮೀಪದ ರೆಸಾರ್ಟ್. ಹೀಗೊಂದು ಅಪರೂಪದ ಸಂಗಮಕ್ಕೆ ಕಾರಣರಾದವರು 26 ವರ್ಷಗಳ ಹಿಂದೆ ಒಂದೇ ತರಗತಿಯಲ್ಲಿ ವ್ಯಾಸಂಗ ಮಾಡಿದ ಬಿಪಿಇಡಿ ವಿದ್ಯಾರ್ಥಿಗಳು. ಮೈಸೂರು ವಿಶ್ವವಿದ್ಯಾನಿಲಯದ ದೈಹಿಕ ಶಿಕ್ಷಣ ವಿಭಾಗದಲ್ಲಿ 1997ನೇ ಸಾಲಿನಲ್ಲಿ ವ್ಯಾಸಂಗ ಮಾಡಿದ್ದ ವಿದ್ಯಾರ್ಥಿಗಳು ಇಂದು ಶಿಕ್ಷಕ ವೃತ್ತಿ ಜೊತೆಗೆ ಬೇರೆ ಬೇರೆ ಉದ್ಯೋಗಗಳಲ್ಲಿ ಇದ್ದಾರೆ.
ಸಮಾಗಮ 26 ವರ್ಷಗಳ ಸಹಪಾಠಿಗಳ ಒಂದು ಕಲೆತ ಸಂದರ್ಭಕ್ಕೆ ಹಲವು ವಿಶೇಷಗಳು ಸಾಕ್ಷಿಯಾದವು. ಶ್ರೀರಂಗಪಟ್ಟಣ ತಾಲೂಕಿನ ಚಂದಗಾಲಿಕೊಪ್ಪಲು ಗ್ರಾಮದಲ್ಲಿರುವ ಪಿಇಡಿ ಸಹಪಾಠಿ ಹಾಗೂ ಹಾಲಿ ಶಿಕ್ಷಕರ ತೋಟದ ಮನೆಯಲ್ಲಿ ಈ ಸಂಗಮ ನಡೆಯಿತು. ಮೈಸೂರು ಸಮಾಗಮ ಸಮಿತಿ ಹಾಗೂ ಸದಸ್ಯರ ಸಹಕಾರದಲ್ಲಿ ಎಲ್ಲರೂ ಒಗ್ಗೂಡಿದರು.
ಮೈಸೂರು ಸಮಾಗಮ ಸಹ ಪಾಠಿ ಹೀರೆಲಾಲ್ ಮೈಸೂರು ವಿಶ್ವವಿದ್ಯಾನಿಲಯದ ದೈಹಿಕ ಶಿಕ್ಷಣ ವಿಭಾಗದ ನಿರ್ದೇಶಕ ಡಾ.ಸಿ.ಎಸ್. ಮೋಹನ್ ಕುಮಾರ್ ಅವರಿಗೆ ಗೌರವ ಸಲ್ಲಿಸಲಾಯಿತು. ಹಿರಿಯ ಗುರುಗಳನ್ನು ನೆನೆದು ಪುಷ್ಪನಮನ ಸಲ್ಲಿಸಿದರು. ಪರಿಸರ ಸ್ನೇಹಿ ತೋಟದಲ್ಲಿ ಭೋಜನ ಸವಿದು ಕ್ರೀಡೆ, ಹಾಡು, ನೃತ್ಯದ ಮೂಲಕ ಸಂಭ್ರಮಿಸಿದರು.
ಜೊತೆಗೆ ಸಂತೋಷ ಕೂಟವನ್ನು ಆಯೋಜಿಸಲಾಗಿತ್ತು. ಆರಂಭದಲ್ಲಿ ಚಹಾ ಕೂಟದ ಮೂಲಕ ಎಲ್ಲ ಸಹಪಾಠಿಗಳನ್ನು ಸ್ವಾಗತಿಸಲಾಯಿತು. ಅಗಲಿದ ಗುರುಗಳು ಹಾಗೂ ಸಹಪಾಠಿಗಳ ಆತ್ಮಕ್ಕೆ ಶಾಂತಿ ಕೋರಿ ಮೌನಾಚರಣೆ ಮಾಡಲಾಯಿತು. ಕಾಲೇಜಿನಲ್ಲಿ ಭಾಗವಹಿಸಿದ್ದ ಪ್ರತಿಯೊಬ್ಬರೂ ತಮ್ಮ ವೃತ್ತಿ ಜೀವನ, ಕುಟುಂಬ, ಮಕ್ಕಳ ವಿದ್ಯಾಭ್ಯಾಸ ಸೇರಿದಂತೆ ನಾನಾ ವಿಚಾರಗಳನ್ನು ಹಂಚಿಕೊಂಡರು. ಈ ಸಂತಸದ ಕೂಟದಲ್ಲಿ ಭಾಗವಹಿಸಿದ ಎಲ್ಲರೂ ಮುಂದಿನ ವರ್ಷಗಳಲ್ಲಿಯೂ ಇದೇ ರೀತಿ ಸೇರಲು ನಿರ್ಧರಿಸಿದರು. ಕೋಲಾರ, ಶಿವಮೊಗ್ಗ, ಬೆಂಗಳೂರು, ಹಾಸನ, ಮಂಡ್ಯ, ಚಾಮರಾಜನಗರ ಮೊದಲಾದ ಜಿಲ್ಲೆಗಳಿಂದ ಆಗಮಿಸಿದ್ದರು. ಜೀವನದ ಸ್ನೇಹಿತರ ಜೊತೆ ಕಳೆದ ದಿನಗಳ ಬಗ್ಗೆ ಹರ್ಷ ವ್ಯಕ್ತಪಡಿಸಿದರು.
